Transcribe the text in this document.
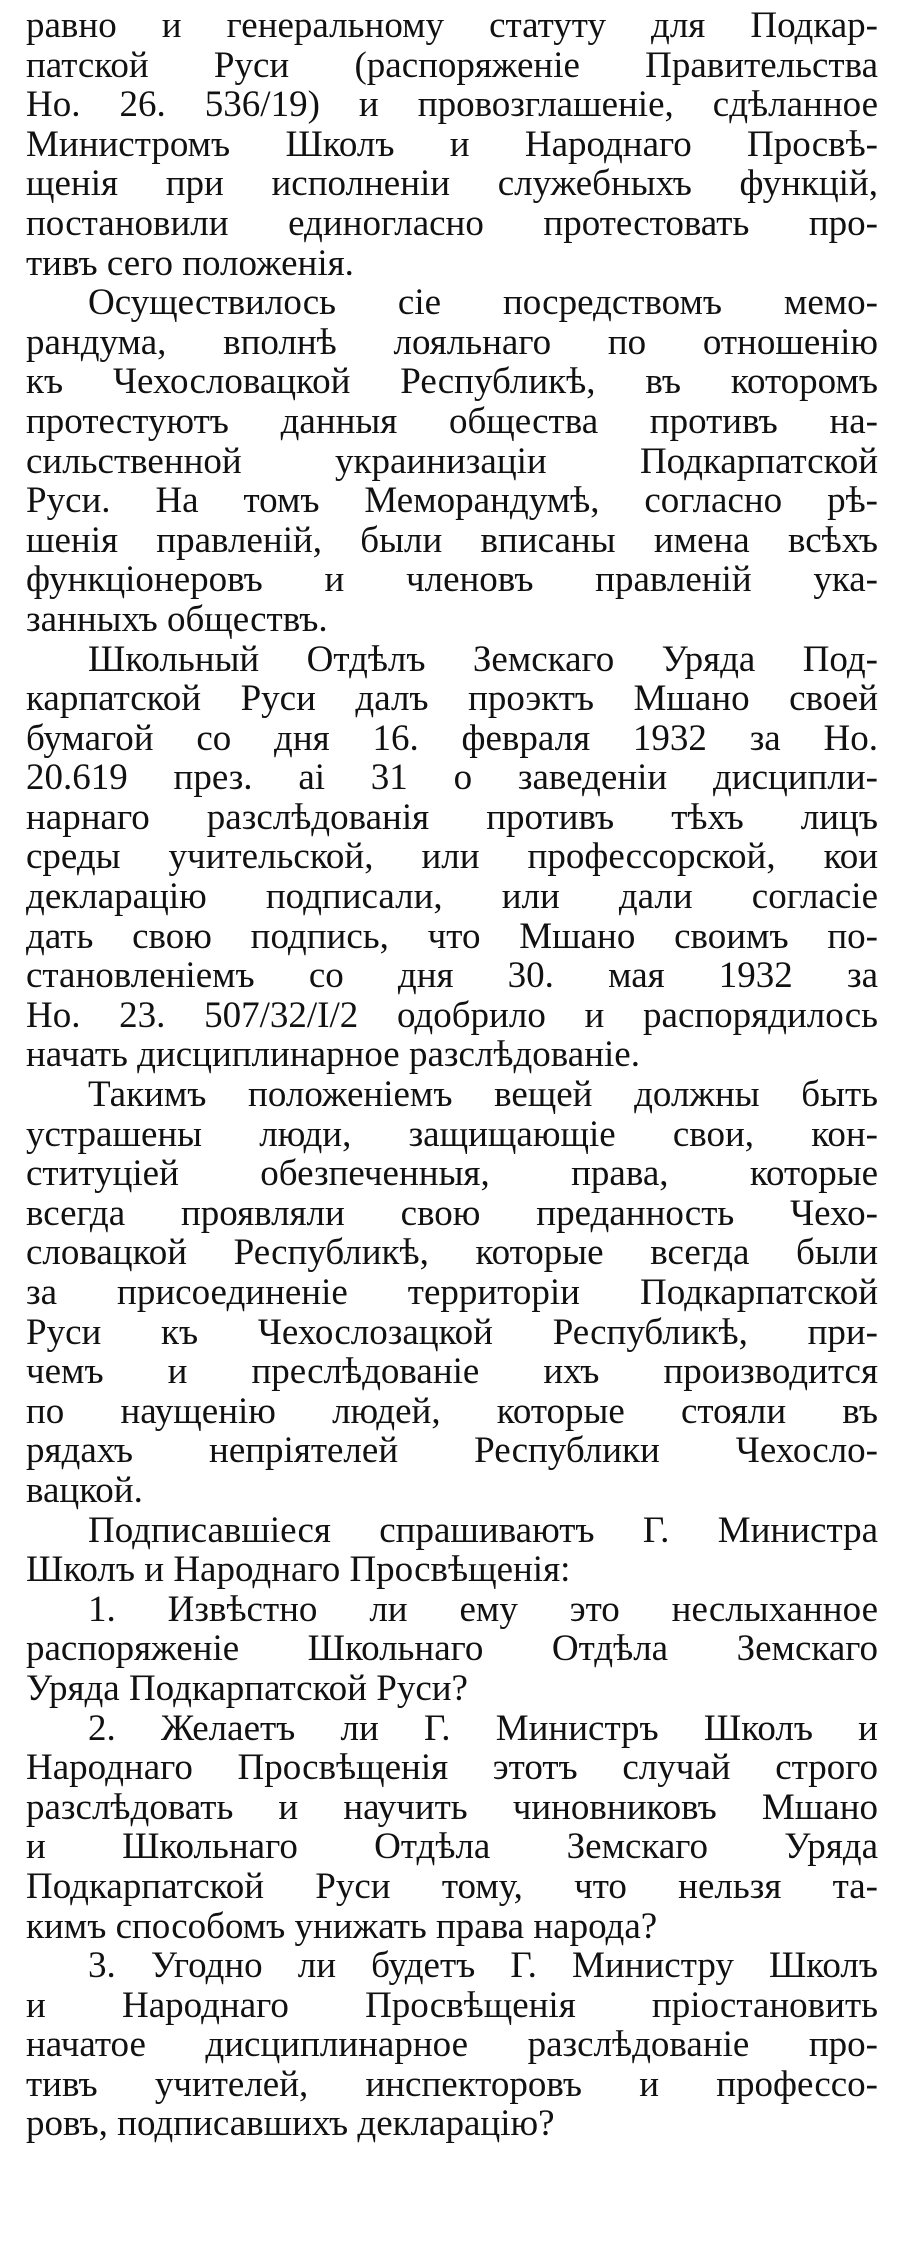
равно и генеральному статуту для Подкар-
патской Руси (распоряженіе Правительства
Но. 26. 536/19) и провозглашеніе, сдѣланное
Министромъ Школъ и Народнаго Просвѣ-
щенія при исполненіи служебныхъ функцій,
постановили единогласно протестовать про-
тивъ сего положенія.
Осуществилось сіе посредствомъ мемо-
рандума, вполнѣ лояльнаго по отношенію
къ Чехословацкой Республикѣ, въ которомъ
протестуютъ данныя общества противъ на-
сильственной украинизаціи Подкарпатской
Руси. На томъ Меморандумѣ, согласно рѣ-
шенія правленій, были вписаны имена всѣхъ
функціонеровъ и членовъ правленій ука-
занныхъ обществъ.
Школьный Отдѣлъ Земскаго Уряда Под-
карпатской Руси далъ проэктъ Мшано своей
бумагой со дня 16. февраля 1932 за Но.
20.619 през. аі 31 о заведеніи дисципли-
нарнаго разслѣдованія противъ тѣхъ лицъ
среды учительской, или профессорской, кои
декларацію подписали, или дали согласіе
дать свою подпись, что Мшано своимъ по-
становленіемъ со дня 30. мая 1932 за
Но. 23. 507/32/I/2 одобрило и распорядилось
начать дисциплинарное разслѣдованіе.
Такимъ положеніемъ вещей должны быть
устрашены люди, защищающіе свои, кон-
ституціей обезпеченныя, права, которые
всегда проявляли свою преданность Чехо-
словацкой Республикѣ, которые всегда были
за присоединеніе территоріи Подкарпатской
Руси къ Чехослозацкой Республикѣ, при-
чемъ и преслѣдованіе ихъ производится
по наущенію людей, которые стояли въ
рядахъ непріятелей Республики Чехосло-
вацкой.
Подписавшіеся спрашиваютъ Г. Министра
Школъ и Народнаго Просвѣщенія:
1. Извѣстно ли ему это неслыханное
распоряженіе Школьнаго Отдѣла Земскаго
Уряда Подкарпатской Руси?
2. Желаетъ ли Г. Министръ Школъ и
Народнаго Просвѣщенія этотъ случай строго
разслѣдовать и научить чиновниковъ Мшано
и Школьнаго Отдѣла Земскаго Уряда
Подкарпатской Руси тому, что нельзя та-
кимъ способомъ унижать права народа?
3. Угодно ли будетъ Г. Министру Школъ
и Народнаго Просвѣщенія пріостановить
начатое дисциплинарное разслѣдованіе про-
тивъ учителей, инспекторовъ и профессо-
ровъ, подписавшихъ декларацію?
